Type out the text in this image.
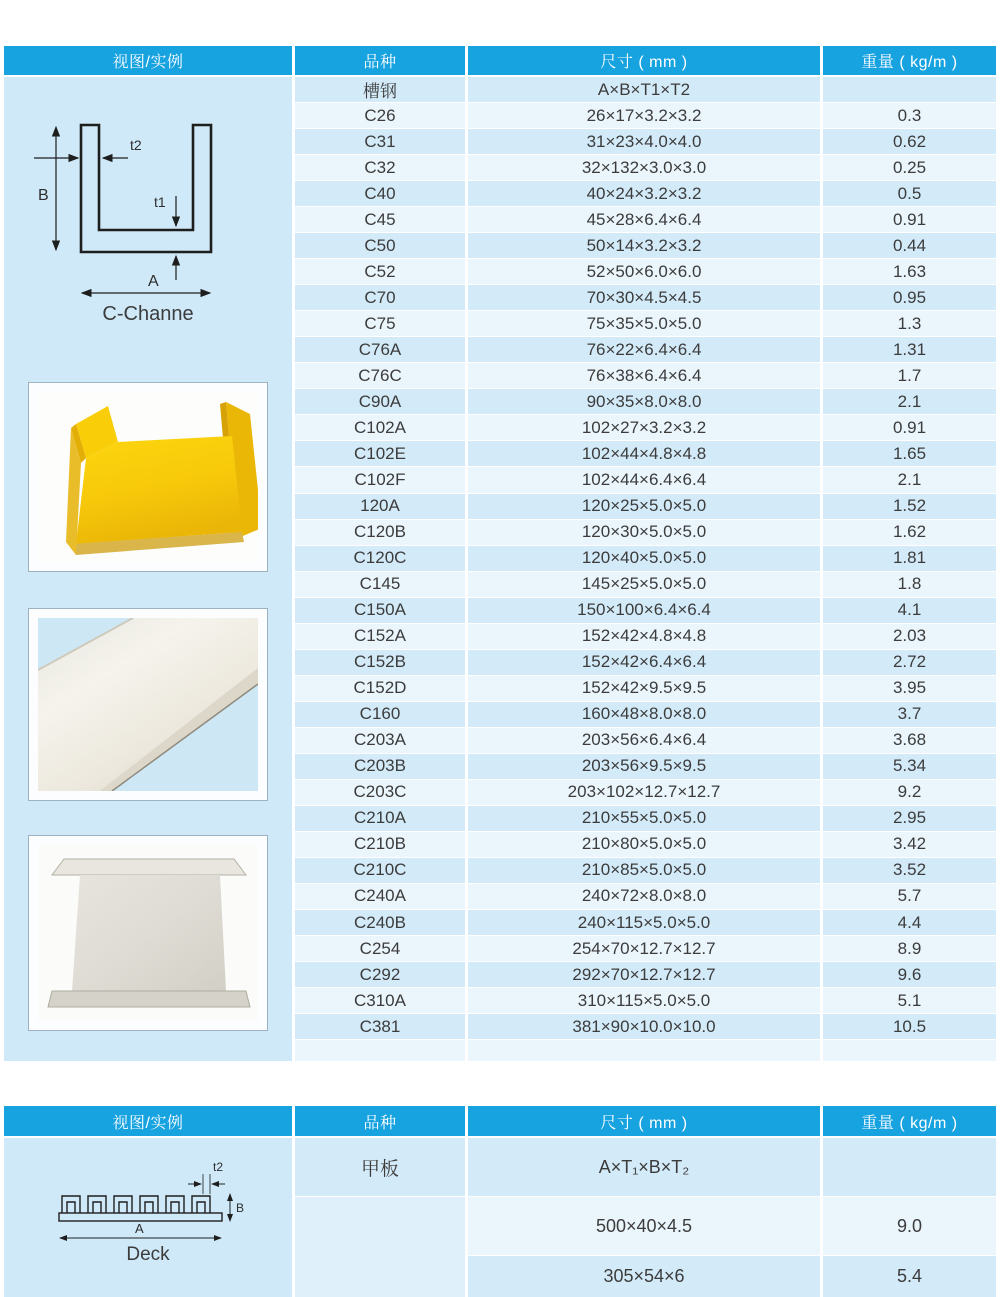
视图/实例	品种	尺寸 ( mm )	重量 ( kg/m )
B
t2
t1
A
C-Channe
槽钢	A×B×T1×T2
C26	26×17×3.2×3.2	0.3
C31	31×23×4.0×4.0	0.62
C32	32×132×3.0×3.0	0.25
C40	40×24×3.2×3.2	0.5
C45	45×28×6.4×6.4	0.91
C50	50×14×3.2×3.2	0.44
C52	52×50×6.0×6.0	1.63
C70	70×30×4.5×4.5	0.95
C75	75×35×5.0×5.0	1.3
C76A	76×22×6.4×6.4	1.31
C76C	76×38×6.4×6.4	1.7
C90A	90×35×8.0×8.0	2.1
C102A	102×27×3.2×3.2	0.91
C102E	102×44×4.8×4.8	1.65
C102F	102×44×6.4×6.4	2.1
120A	120×25×5.0×5.0	1.52
C120B	120×30×5.0×5.0	1.62
C120C	120×40×5.0×5.0	1.81
C145	145×25×5.0×5.0	1.8
C150A	150×100×6.4×6.4	4.1
C152A	152×42×4.8×4.8	2.03
C152B	152×42×6.4×6.4	2.72
C152D	152×42×9.5×9.5	3.95
C160	160×48×8.0×8.0	3.7
C203A	203×56×6.4×6.4	3.68
C203B	203×56×9.5×9.5	5.34
C203C	203×102×12.7×12.7	9.2
C210A	210×55×5.0×5.0	2.95
C210B	210×80×5.0×5.0	3.42
C210C	210×85×5.0×5.0	3.52
C240A	240×72×8.0×8.0	5.7
C240B	240×115×5.0×5.0	4.4
C254	254×70×12.7×12.7	8.9
C292	292×70×12.7×12.7	9.6
C310A	310×115×5.0×5.0	5.1
C381	381×90×10.0×10.0	10.5
视图/实例	品种	尺寸 ( mm )	重量 ( kg/m )
t2
B
A
Deck
甲板	A×T₁×B×T₂
500×40×4.5	9.0
305×54×6	5.4
